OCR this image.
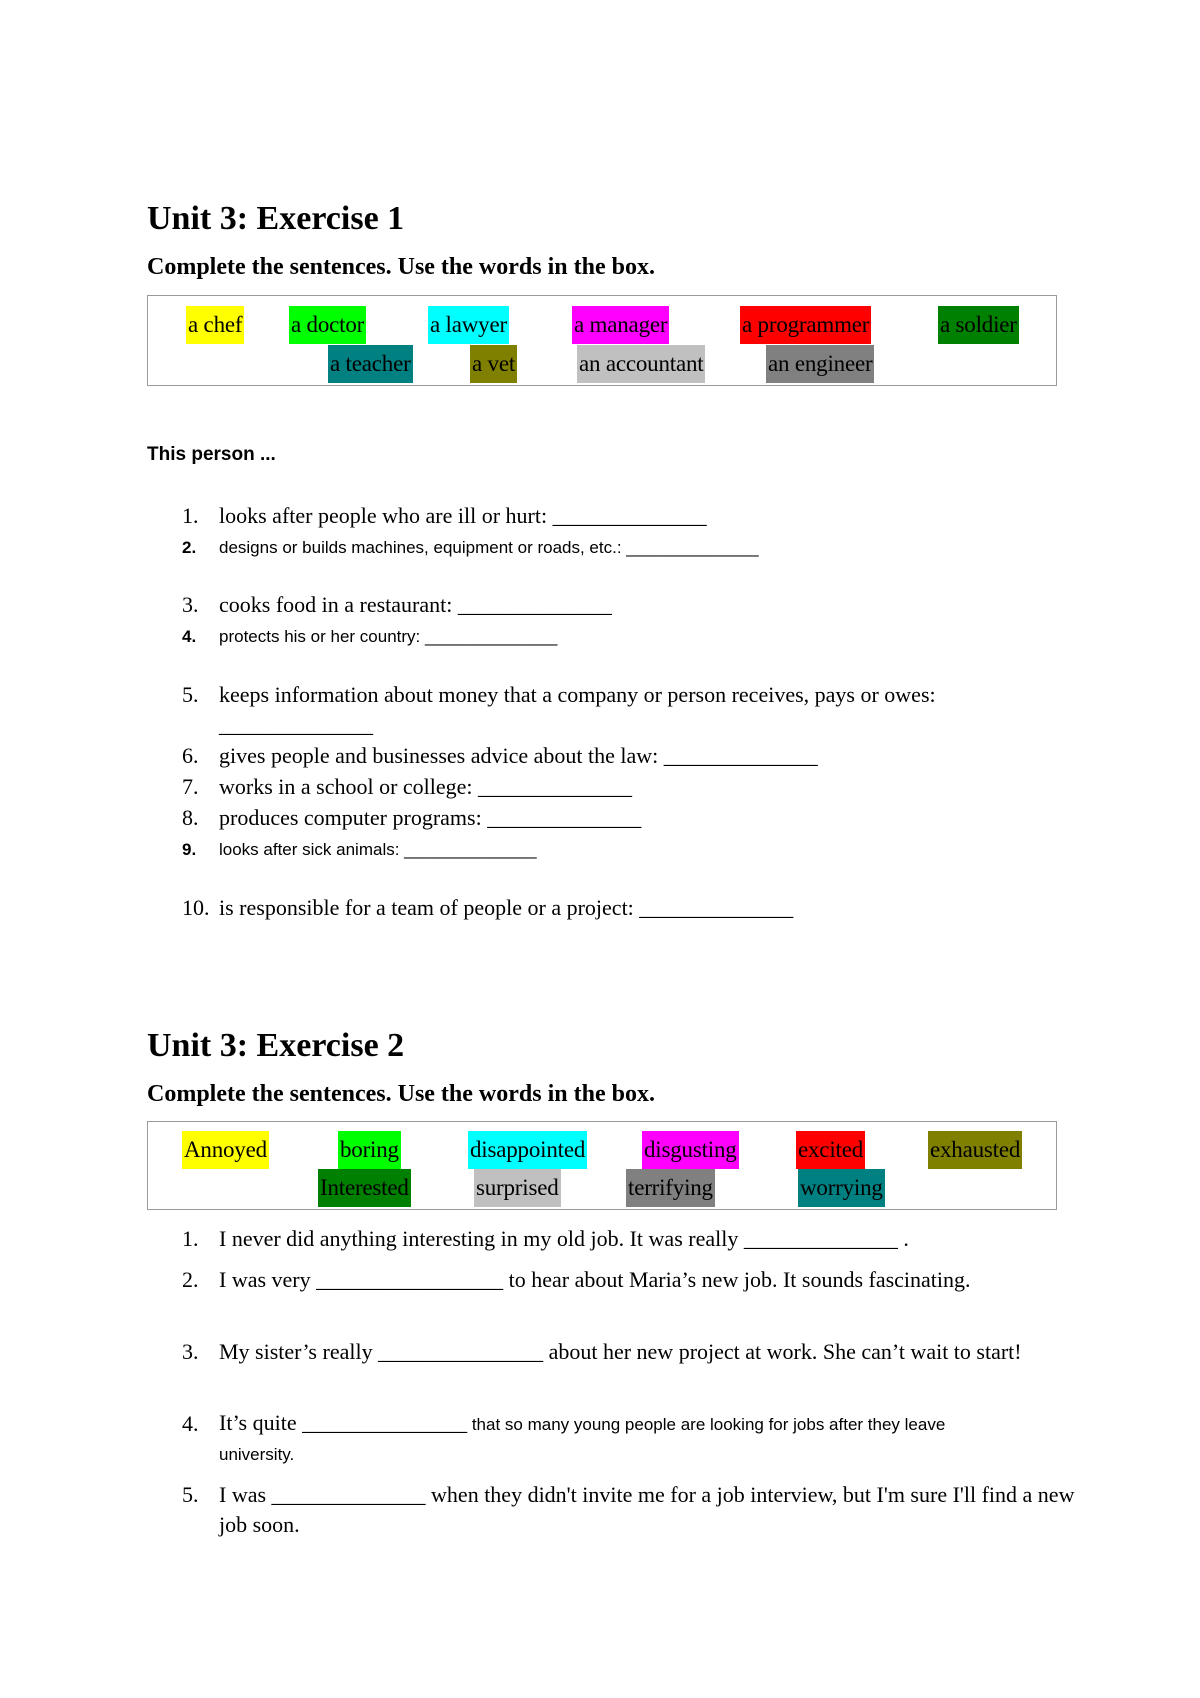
Unit 3: Exercise 1

Complete the sentences. Use the words in the box.

a chef a doctor	a lawyer	a manager	a programmer	a soldier
a teacher	a vet	an accountant	an engineer
This person ...
1. looks after people who are ill or hurt: ______________
2. designs or builds machines, equipment or roads, etc.: ______________
3. cooks food in a restaurant: ______________
4. protects his or her country: ______________
5. keeps information about money that a company or person receives, pays or owes: ______________
6. gives people and businesses advice about the law: ______________
7. works in a school or college: ______________
8. produces computer programs: ______________
9. looks after sick animals: ______________
10. is responsible for a team of people or a project: ______________
Unit 3: Exercise 2

Complete the sentences. Use the words in the box.

Annoyed	boring	disappointed	disgusting	excited	exhausted
Interested	surprised	terrifying	worrying
1. I never did anything interesting in my old job. It was really ______________ .
2. I was very _________________ to hear about Maria’s new job. It sounds fascinating.
3. My sister’s really _______________ about her new project at work. She can’t wait to start!
4. It’s quite _______________ that so many young people are looking for jobs after they leave university.
5. I was ______________ when they didn't invite me for a job interview, but I'm sure I'll find a new job soon.
